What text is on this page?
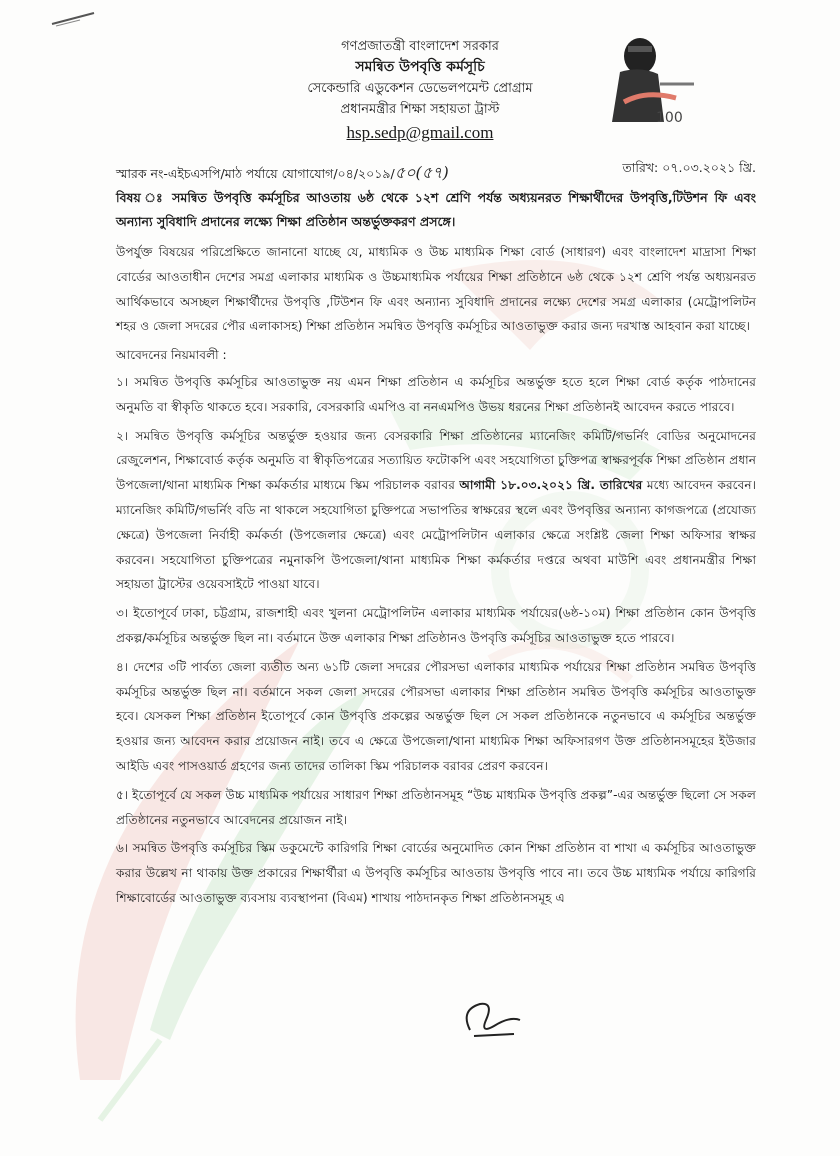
গণপ্রজাতন্ত্রী বাংলাদেশ সরকার
সমন্বিত উপবৃত্তি কর্মসূচি
সেকেন্ডারি এডুকেশন ডেভেলপমেন্ট প্রোগ্রাম
প্রধানমন্ত্রীর শিক্ষা সহায়তা ট্রাস্ট
hsp.sedp@gmail.com
100
স্মারক নং-এইচএসপি/মাঠ পর্যায়ে যোগাযোগ/০৪/২০১৯/৫০(৫৭)	তারিখ: ০৭.০৩.২০২১ খ্রি.
বিষয় ঃ সমন্বিত উপবৃত্তি কর্মসূচির আওতায় ৬ষ্ঠ থেকে ১২শ শ্রেণি পর্যন্ত অধ্যয়নরত শিক্ষার্থীদের উপবৃত্তি,টিউশন ফি এবং অন্যান্য সুবিধাদি প্রদানের লক্ষ্যে শিক্ষা প্রতিষ্ঠান অন্তর্ভুক্তকরণ প্রসঙ্গে।

উপর্যুক্ত বিষয়ের পরিপ্রেক্ষিতে জানানো যাচ্ছে যে, মাধ্যমিক ও উচ্চ মাধ্যমিক শিক্ষা বোর্ড (সাধারণ) এবং বাংলাদেশ মাদ্রাসা শিক্ষা বোর্ডের আওতাধীন দেশের সমগ্র এলাকার মাধ্যমিক ও উচ্চমাধ্যমিক পর্যায়ের শিক্ষা প্রতিষ্ঠানে ৬ষ্ঠ থেকে ১২শ শ্রেণি পর্যন্ত অধ্যয়নরত আর্থিকভাবে অসচ্ছল শিক্ষার্থীদের উপবৃত্তি ,টিউশন ফি এবং অন্যান্য সুবিধাদি প্রদানের লক্ষ্যে দেশের সমগ্র এলাকার (মেট্রোপলিটন শহর ও জেলা সদরের পৌর এলাকাসহ) শিক্ষা প্রতিষ্ঠান সমন্বিত উপবৃত্তি কর্মসূচির আওতাভুক্ত করার জন্য দরখাস্ত আহবান করা যাচ্ছে।

আবেদনের নিয়মাবলী :

১। সমন্বিত উপবৃত্তি কর্মসূচির আওতাভুক্ত নয় এমন শিক্ষা প্রতিষ্ঠান এ কর্মসূচির অন্তর্ভুক্ত হতে হলে শিক্ষা বোর্ড কর্তৃক পাঠদানের অনুমতি বা স্বীকৃতি থাকতে হবে। সরকারি, বেসরকারি এমপিও বা ননএমপিও উভয় ধরনের শিক্ষা প্রতিষ্ঠানই আবেদন করতে পারবে।

২। সমন্বিত উপবৃত্তি কর্মসূচির অন্তর্ভুক্ত হওয়ার জন্য বেসরকারি শিক্ষা প্রতিষ্ঠানের ম্যানেজিং কমিটি/গভর্নিং বোডির অনুমোদনের রেজুলেশন, শিক্ষাবোর্ড কর্তৃক অনুমতি বা স্বীকৃতিপত্রের সত্যায়িত ফটোকপি এবং সহযোগিতা চুক্তিপত্র স্বাক্ষরপূর্বক শিক্ষা প্রতিষ্ঠান প্রধান উপজেলা/থানা মাধ্যমিক শিক্ষা কর্মকর্তার মাধ্যমে স্কিম পরিচালক বরাবর আগামী ১৮.০৩.২০২১ খ্রি. তারিখের মধ্যে আবেদন করবেন। ম্যানেজিং কমিটি/গভর্নিং বডি না থাকলে সহযোগিতা চুক্তিপত্রে সভাপতির স্বাক্ষরের স্থলে এবং উপবৃত্তির অন্যান্য কাগজপত্রে (প্রযোজ্য ক্ষেত্রে) উপজেলা নির্বাহী কর্মকর্তা (উপজেলার ক্ষেত্রে) এবং মেট্রোপলিটান এলাকার ক্ষেত্রে সংশ্লিষ্ট জেলা শিক্ষা অফিসার স্বাক্ষর করবেন। সহযোগিতা চুক্তিপত্রের নমুনাকপি উপজেলা/থানা মাধ্যমিক শিক্ষা কর্মকর্তার দপ্তরে অথবা মাউশি এবং প্রধানমন্ত্রীর শিক্ষা সহায়তা ট্রাস্টের ওয়েবসাইটে পাওয়া যাবে।

৩। ইতোপূর্বে ঢাকা, চট্টগ্রাম, রাজশাহী এবং খুলনা মেট্রোপলিটন এলাকার মাধ্যমিক পর্যায়ের(৬ষ্ঠ-১০ম) শিক্ষা প্রতিষ্ঠান কোন উপবৃত্তি প্রকল্প/কর্মসূচির অন্তর্ভুক্ত ছিল না। বর্তমানে উক্ত এলাকার শিক্ষা প্রতিষ্ঠানও উপবৃত্তি কর্মসূচির আওতাভুক্ত হতে পারবে।

৪। দেশের ৩টি পার্বত্য জেলা ব্যতীত অন্য ৬১টি জেলা সদরের পৌরসভা এলাকার মাধ্যমিক পর্যায়ের শিক্ষা প্রতিষ্ঠান সমন্বিত উপবৃত্তি কর্মসূচির অন্তর্ভুক্ত ছিল না। বর্তমানে সকল জেলা সদরের পৌরসভা এলাকার শিক্ষা প্রতিষ্ঠান সমন্বিত উপবৃত্তি কর্মসূচির আওতাভুক্ত হবে। যেসকল শিক্ষা প্রতিষ্ঠান ইতোপূর্বে কোন উপবৃত্তি প্রকল্পের অন্তর্ভুক্ত ছিল সে সকল প্রতিষ্ঠানকে নতুনভাবে এ কর্মসূচির অন্তর্ভুক্ত হওয়ার জন্য আবেদন করার প্রয়োজন নাই। তবে এ ক্ষেত্রে উপজেলা/থানা মাধ্যমিক শিক্ষা অফিসারগণ উক্ত প্রতিষ্ঠানসমূহের ইউজার আইডি এবং পাসওয়ার্ড গ্রহণের জন্য তাদের তালিকা স্কিম পরিচালক বরাবর প্রেরণ করবেন।

৫। ইতোপূর্বে যে সকল উচ্চ মাধ্যমিক পর্যায়ের সাধারণ শিক্ষা প্রতিষ্ঠানসমূহ “উচ্চ মাধ্যমিক উপবৃত্তি প্রকল্প”-এর অন্তর্ভুক্ত ছিলো সে সকল প্রতিষ্ঠানের নতুনভাবে আবেদনের প্রয়োজন নাই।

৬। সমন্বিত উপবৃত্তি কর্মসূচির স্কিম ডকুমেন্টে কারিগরি শিক্ষা বোর্ডের অনুমোদিত কোন শিক্ষা প্রতিষ্ঠান বা শাখা এ কর্মসূচির আওতাভুক্ত করার উল্লেখ না থাকায় উক্ত প্রকারের শিক্ষার্থীরা এ উপবৃত্তি কর্মসূচির আওতায় উপবৃত্তি পাবে না। তবে উচ্চ মাধ্যমিক পর্যায়ে কারিগরি শিক্ষাবোর্ডের আওতাভুক্ত ব্যবসায় ব্যবস্থাপনা (বিএম) শাখায় পাঠদানকৃত শিক্ষা প্রতিষ্ঠানসমূহ এ
